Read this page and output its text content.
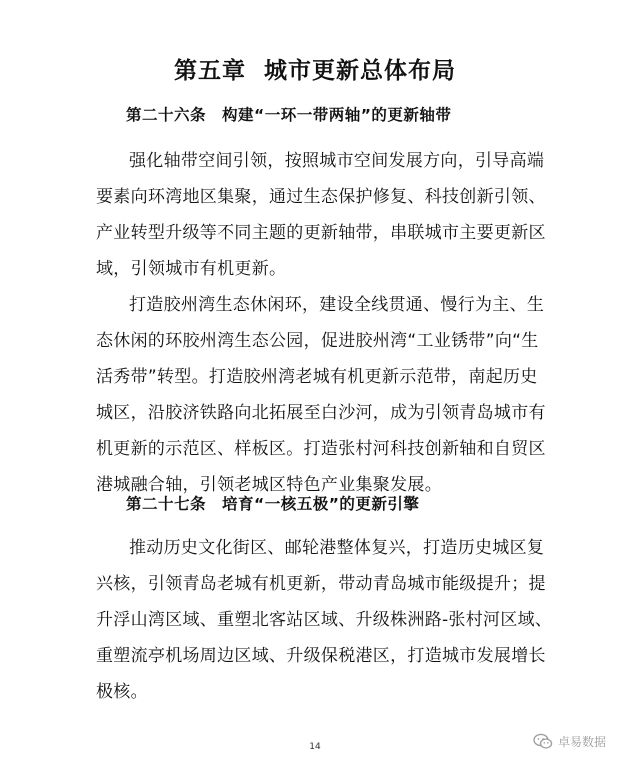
第五章 城市更新总体布局
第二十六条 构建“一环一带两轴”的更新轴带
强化轴带空间引领，按照城市空间发展方向，引导高端
要素向环湾地区集聚，通过生态保护修复、科技创新引领、
产业转型升级等不同主题的更新轴带，串联城市主要更新区
域，引领城市有机更新。
打造胶州湾生态休闲环，建设全线贯通、慢行为主、生
态休闲的环胶州湾生态公园，促进胶州湾“工业锈带”向“生
活秀带”转型。打造胶州湾老城有机更新示范带，南起历史
城区，沿胶济铁路向北拓展至白沙河，成为引领青岛城市有
机更新的示范区、样板区。打造张村河科技创新轴和自贸区
港城融合轴，引领老城区特色产业集聚发展。
第二十七条 培育“一核五极”的更新引擎
推动历史文化街区、邮轮港整体复兴，打造历史城区复
兴核，引领青岛老城有机更新，带动青岛城市能级提升；提
升浮山湾区域、重塑北客站区域、升级株洲路-张村河区域、
重塑流亭机场周边区域、升级保税港区，打造城市发展增长
极核。
14	卓易数据
